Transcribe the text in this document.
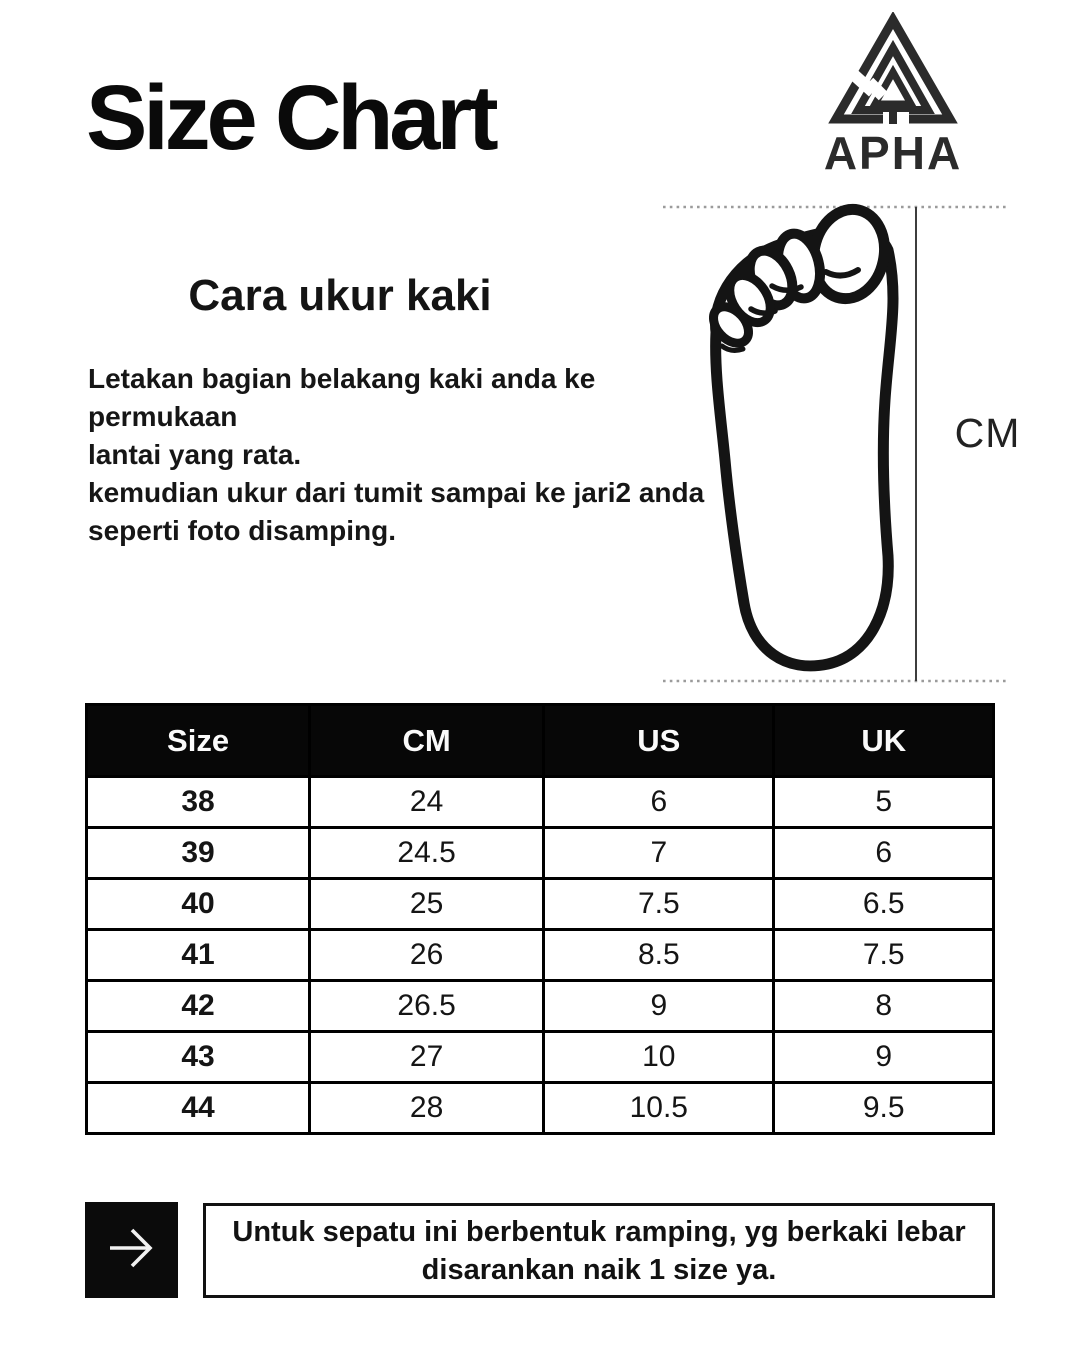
Size Chart	APHA
Cara ukur kaki
Letakan bagian belakang kaki anda ke permukaan
lantai yang rata.
kemudian ukur dari tumit sampai ke jari2 anda
seperti foto disamping.
CM
Size	CM	US	UK
38	24	6	5
39	24.5	7	6
40	25	7.5	6.5
41	26	8.5	7.5
42	26.5	9	8
43	27	10	9
44	28	10.5	9.5
Untuk sepatu ini berbentuk ramping, yg berkaki lebar
disarankan naik 1 size ya.
